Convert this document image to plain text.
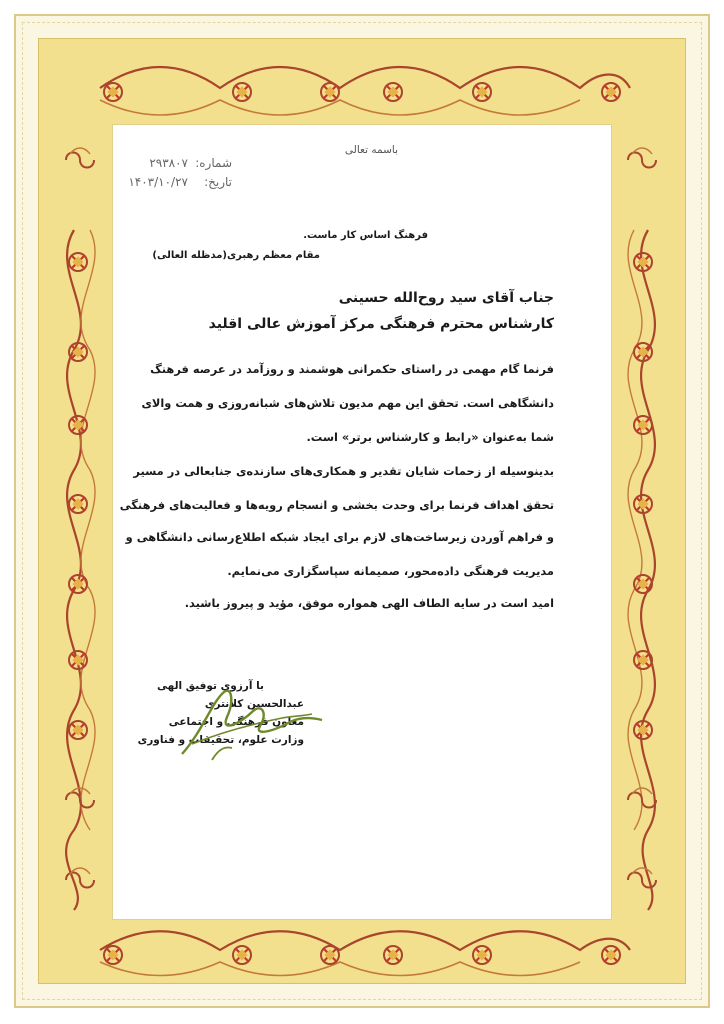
باسمه تعالی
شماره:
۲۹۳۸۰۷
تاریخ:
۱۴۰۳/۱۰/۲۷
فرهنگ اساس کار ماست.
مقام معظم رهبری(مدظله العالی)
جناب آقای سید روح‌الله حسینی
کارشناس محترم فرهنگی مرکز آموزش عالی اقلید
فرنما گام مهمی در راستای حکمرانی هوشمند و روزآمد در عرصه فرهنگ
دانشگاهی است. تحقق این مهم مدیون تلاش‌های شبانه‌روزی و همت والای
شما به‌عنوان «رابط و کارشناس برتر» است.
بدینوسیله از زحمات شایان تقدیر و همکاری‌های سازنده‌ی جنابعالی در مسیر
تحقق اهداف فرنما برای وحدت بخشی و انسجام رویه‌ها و فعالیت‌های فرهنگی
و فراهم آوردن زیرساخت‌های لازم برای ایجاد شبکه اطلاع‌رسانی دانشگاهی و
مدیریت فرهنگی داده‌محور، صمیمانه سپاسگزاری می‌نمایم.
امید است در سایه الطاف الهی همواره موفق، مؤید و پیروز باشید.
با آرزوی توفیق الهی
عبدالحسین کلانتری
معاون فرهنگی و اجتماعی
وزارت علوم، تحقیقات و فناوری
